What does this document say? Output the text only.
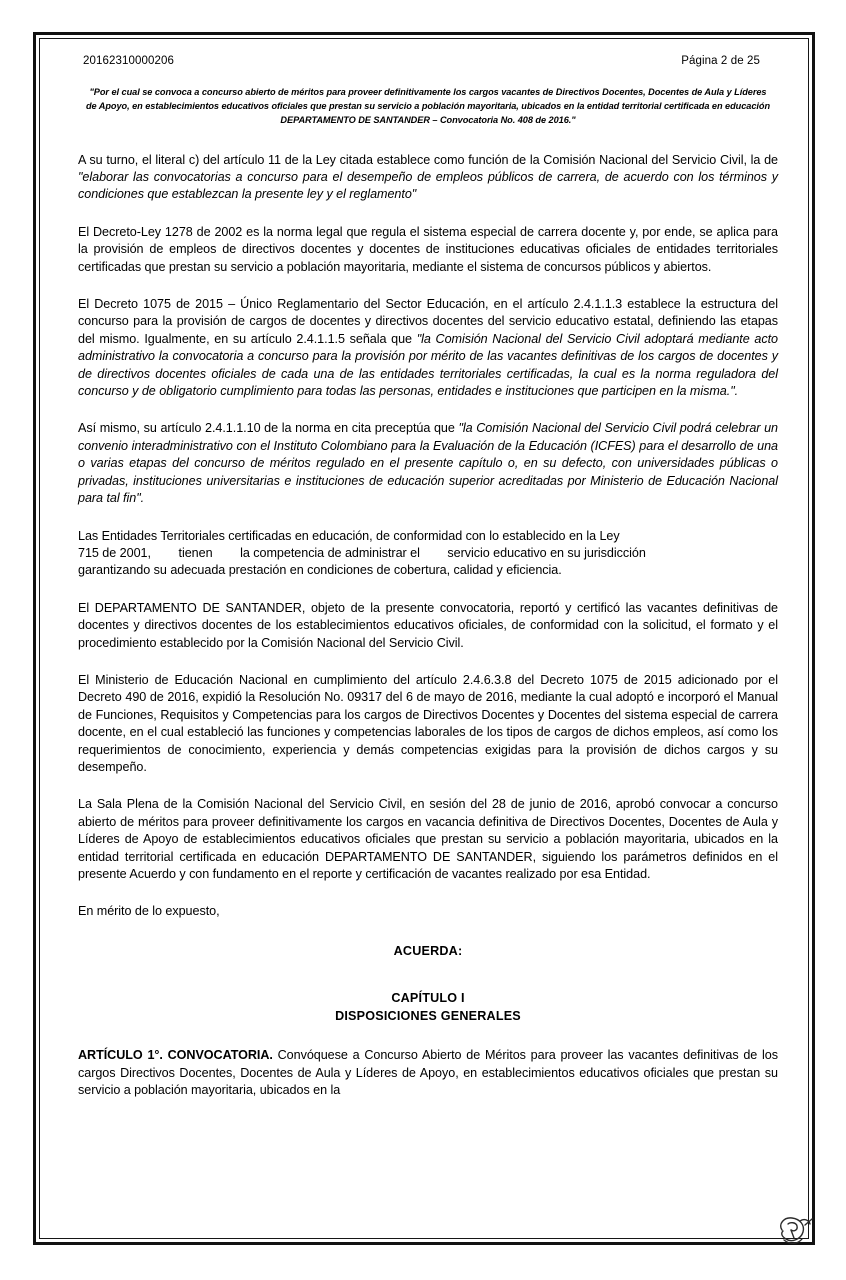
20162310000206	Página 2 de 25
"Por el cual se convoca a concurso abierto de méritos para proveer definitivamente los cargos vacantes de Directivos Docentes, Docentes de Aula y Líderes de Apoyo, en establecimientos educativos oficiales que prestan su servicio a población mayoritaria, ubicados en la entidad territorial certificada en educación DEPARTAMENTO DE SANTANDER – Convocatoria No. 408 de 2016."

A su turno, el literal c) del artículo 11 de la Ley citada establece como función de la Comisión Nacional del Servicio Civil, la de "elaborar las convocatorias a concurso para el desempeño de empleos públicos de carrera, de acuerdo con los términos y condiciones que establezcan la presente ley y el reglamento"

El Decreto-Ley 1278 de 2002 es la norma legal que regula el sistema especial de carrera docente y, por ende, se aplica para la provisión de empleos de directivos docentes y docentes de instituciones educativas oficiales de entidades territoriales certificadas que prestan su servicio a población mayoritaria, mediante el sistema de concursos públicos y abiertos.

El Decreto 1075 de 2015 – Único Reglamentario del Sector Educación, en el artículo 2.4.1.1.3 establece la estructura del concurso para la provisión de cargos de docentes y directivos docentes del servicio educativo estatal, definiendo las etapas del mismo. Igualmente, en su artículo 2.4.1.1.5 señala que "la Comisión Nacional del Servicio Civil adoptará mediante acto administrativo la convocatoria a concurso para la provisión por mérito de las vacantes definitivas de los cargos de docentes y de directivos docentes oficiales de cada una de las entidades territoriales certificadas, la cual es la norma reguladora del concurso y de obligatorio cumplimiento para todas las personas, entidades e instituciones que participen en la misma.".

Así mismo, su artículo 2.4.1.1.10 de la norma en cita preceptúa que "la Comisión Nacional del Servicio Civil podrá celebrar un convenio interadministrativo con el Instituto Colombiano para la Evaluación de la Educación (ICFES) para el desarrollo de una o varias etapas del concurso de méritos regulado en el presente capítulo o, en su defecto, con universidades públicas o privadas, instituciones universitarias e instituciones de educación superior acreditadas por Ministerio de Educación Nacional para tal fin".

Las Entidades Territoriales certificadas en educación, de conformidad con lo establecido en la Ley
715 de 2001,        tienen        la competencia de administrar el        servicio educativo en su jurisdicción
garantizando su adecuada prestación en condiciones de cobertura, calidad y eficiencia.

El DEPARTAMENTO DE SANTANDER, objeto de la presente convocatoria, reportó y certificó las vacantes definitivas de docentes y directivos docentes de los establecimientos educativos oficiales, de conformidad con la solicitud, el formato y el procedimiento establecido por la Comisión Nacional del Servicio Civil.

El Ministerio de Educación Nacional en cumplimiento del artículo 2.4.6.3.8 del Decreto 1075 de 2015 adicionado por el Decreto 490 de 2016, expidió la Resolución No. 09317 del 6 de mayo de 2016, mediante la cual adoptó e incorporó el Manual de Funciones, Requisitos y Competencias para los cargos de Directivos Docentes y Docentes del sistema especial de carrera docente, en el cual estableció las funciones y competencias laborales de los tipos de cargos de dichos empleos, así como los requerimientos de conocimiento, experiencia y demás competencias exigidas para la provisión de dichos cargos y su desempeño.

La Sala Plena de la Comisión Nacional del Servicio Civil, en sesión del 28 de junio de 2016, aprobó convocar a concurso abierto de méritos para proveer definitivamente los cargos en vacancia definitiva de Directivos Docentes, Docentes de Aula y Líderes de Apoyo de establecimientos educativos oficiales que prestan su servicio a población mayoritaria, ubicados en la entidad territorial certificada en educación DEPARTAMENTO DE SANTANDER, siguiendo los parámetros definidos en el presente Acuerdo y con fundamento en el reporte y certificación de vacantes realizado por esa Entidad.

En mérito de lo expuesto,

ACUERDA:
CAPÍTULO I
DISPOSICIONES GENERALES

ARTÍCULO 1°. CONVOCATORIA. Convóquese a Concurso Abierto de Méritos para proveer las vacantes definitivas de los cargos Directivos Docentes, Docentes de Aula y Líderes de Apoyo, en establecimientos educativos oficiales que prestan su servicio a población mayoritaria, ubicados en la
